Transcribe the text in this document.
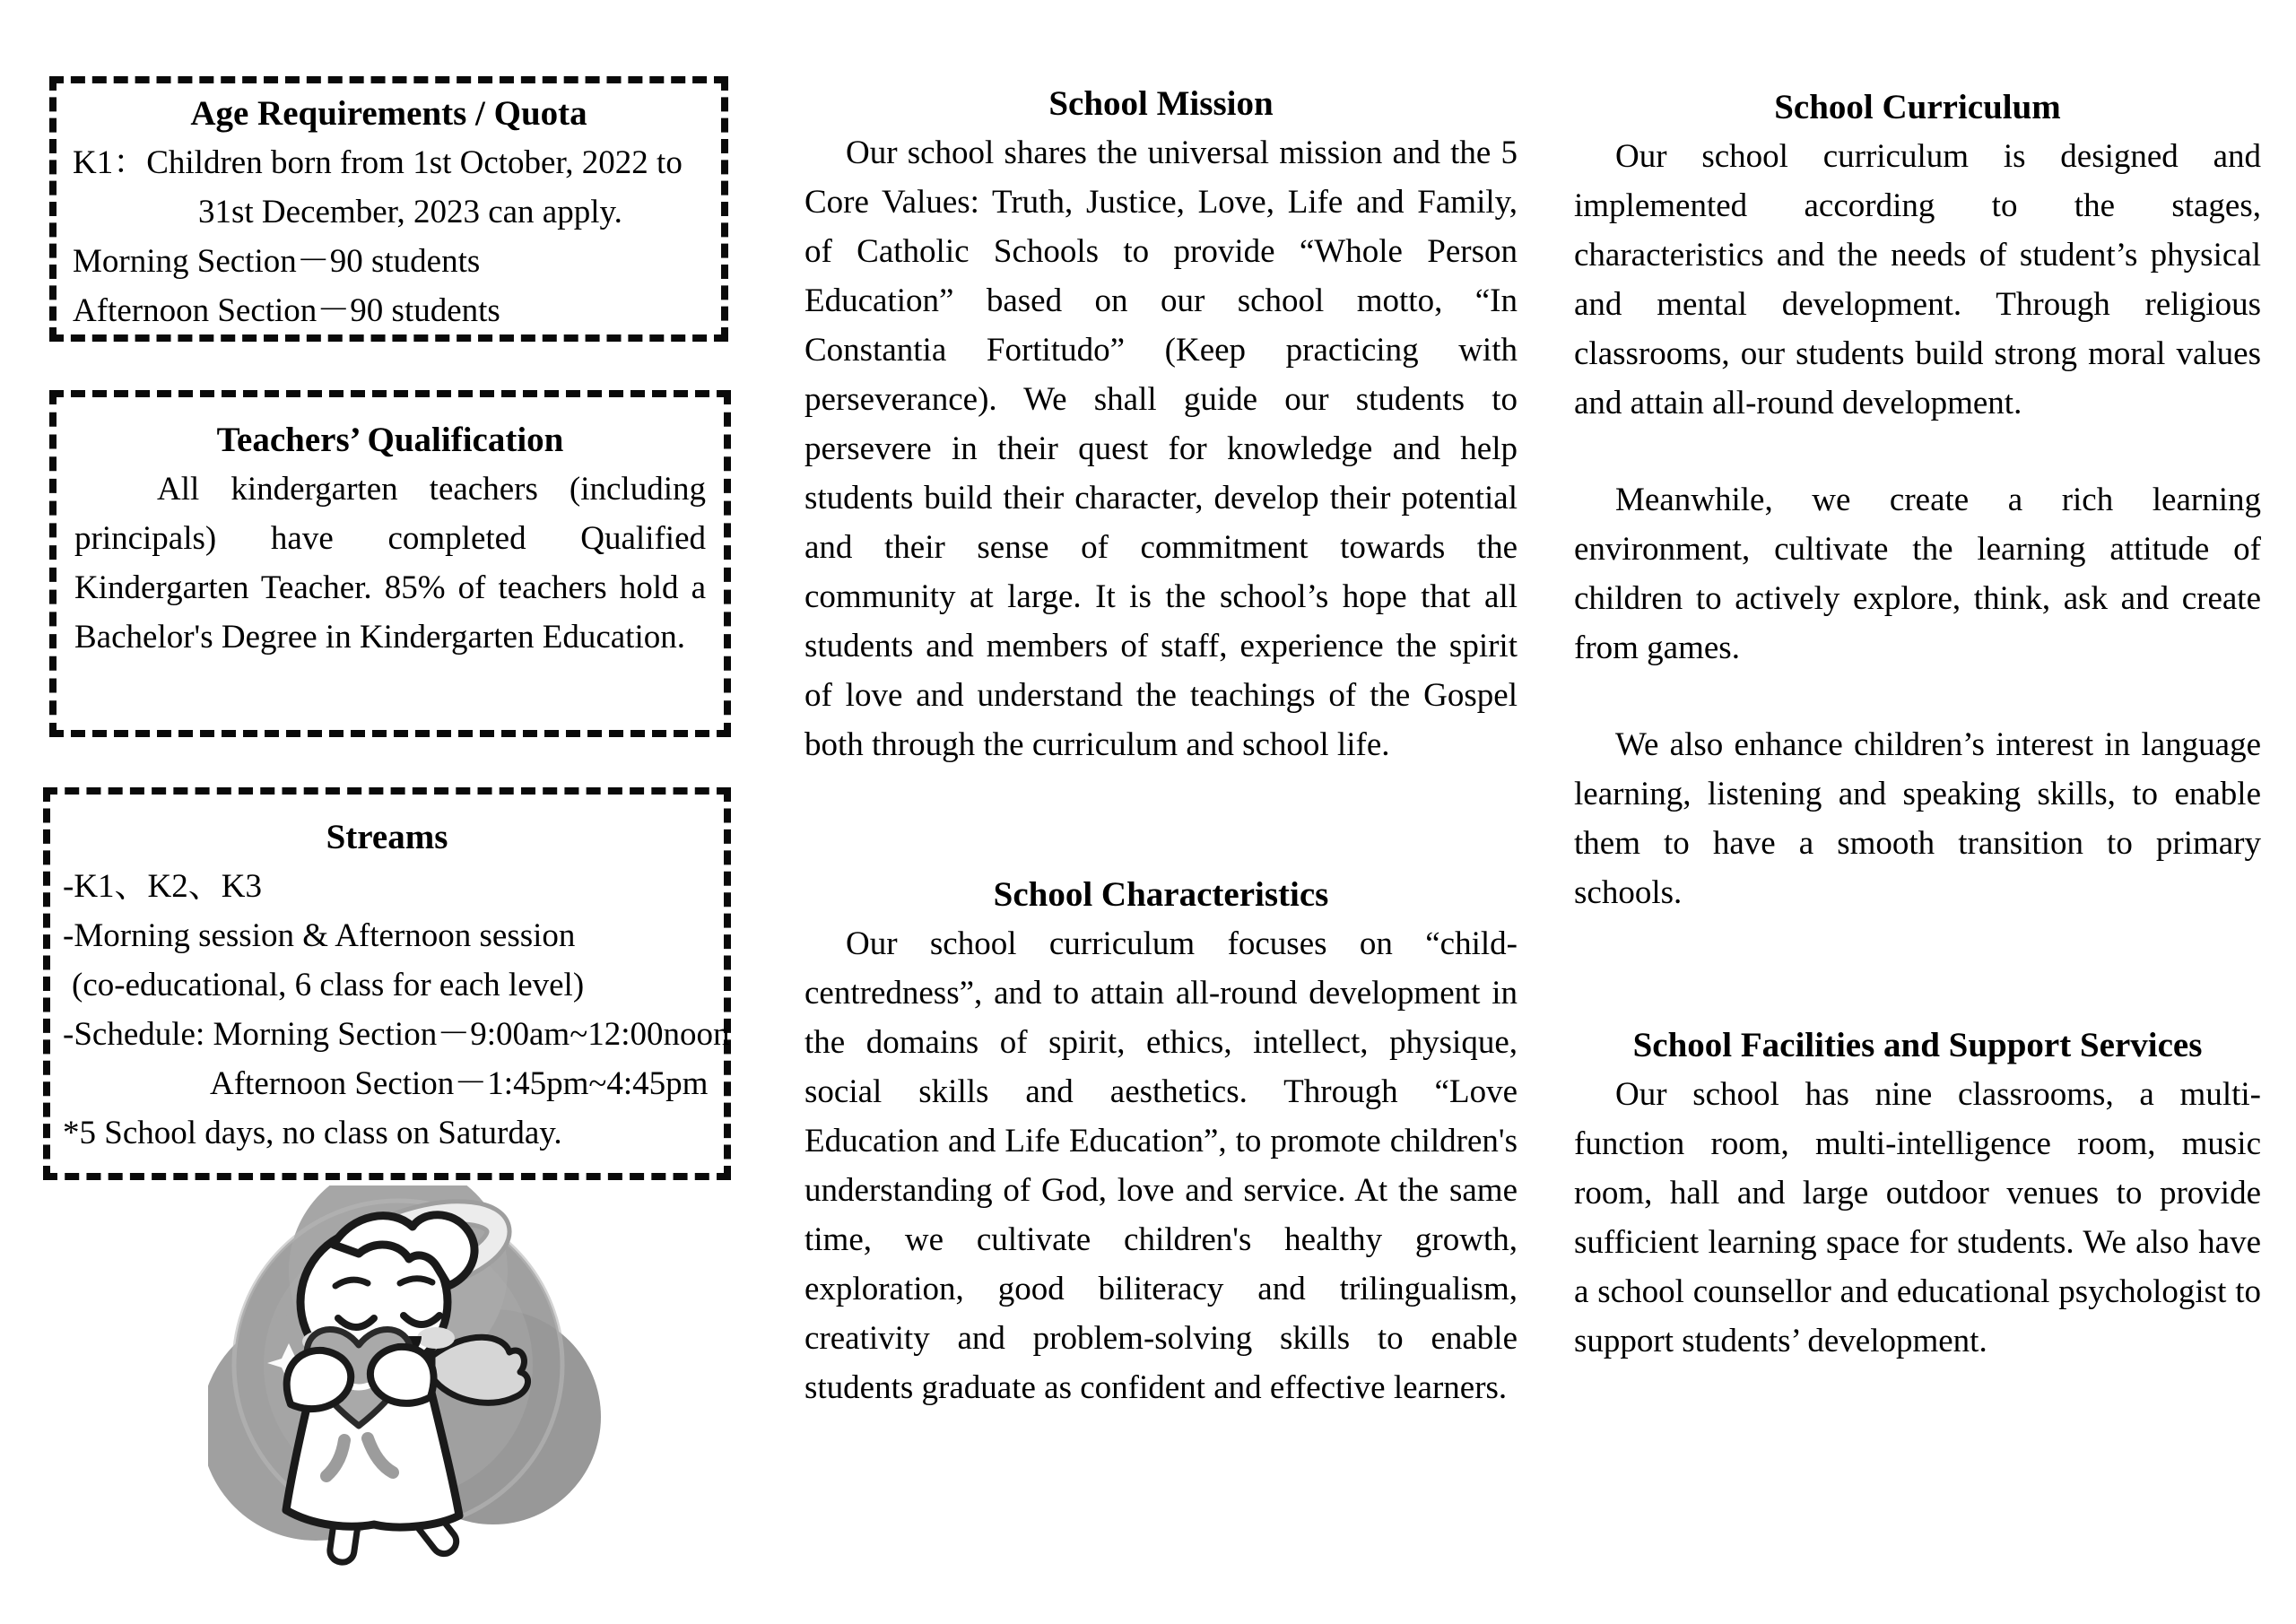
Age Requirements / Quota
K1：Children born from 1st October, 2022 to
31st December, 2023 can apply.
Morning Section－90 students
Afternoon Section－90 students
Teachers’ Qualification
All kindergarten teachers (including principals) have completed Qualified Kindergarten Teacher. 85% of teachers hold a Bachelor's Degree in Kindergarten Education.
Streams
-K1、K2、K3
-Morning session & Afternoon session
(co-educational, 6 class for each level)
-Schedule: Morning Section－9:00am~12:00noon
Afternoon Section－1:45pm~4:45pm
*5 School days, no class on Saturday.
School Mission
Our school shares the universal mission and the 5 Core Values: Truth, Justice, Love, Life and Family, of Catholic Schools to provide “Whole Person Education” based on our school motto, “In Constantia Fortitudo” (Keep practicing with perseverance). We shall guide our students to persevere in their quest for knowledge and help students build their character, develop their potential and their sense of commitment towards the community at large. It is the school’s hope that all students and members of staff, experience the spirit of love and understand the teachings of the Gospel both through the curriculum and school life.
School Characteristics
Our school curriculum focuses on “child-centredness”, and to attain all-round development in the domains of spirit, ethics, intellect, physique, social skills and aesthetics. Through “Love Education and Life Education”, to promote children's understanding of God, love and service. At the same time, we cultivate children's healthy growth, exploration, good biliteracy and trilingualism, creativity and problem-solving skills to enable students graduate as confident and effective learners.
School Curriculum
Our school curriculum is designed and implemented according to the stages, characteristics and the needs of student’s physical and mental development. Through religious classrooms, our students build strong moral values and attain all-round development.
Meanwhile, we create a rich learning environment, cultivate the learning attitude of children to actively explore, think, ask and create from games.
We also enhance children’s interest in language learning, listening and speaking skills, to enable them to have a smooth transition to primary schools.
School Facilities and Support Services
Our school has nine classrooms, a multi-function room, multi-intelligence room, music room, hall and large outdoor venues to provide sufficient learning space for students. We also have a school counsellor and educational psychologist to support students’ development.
